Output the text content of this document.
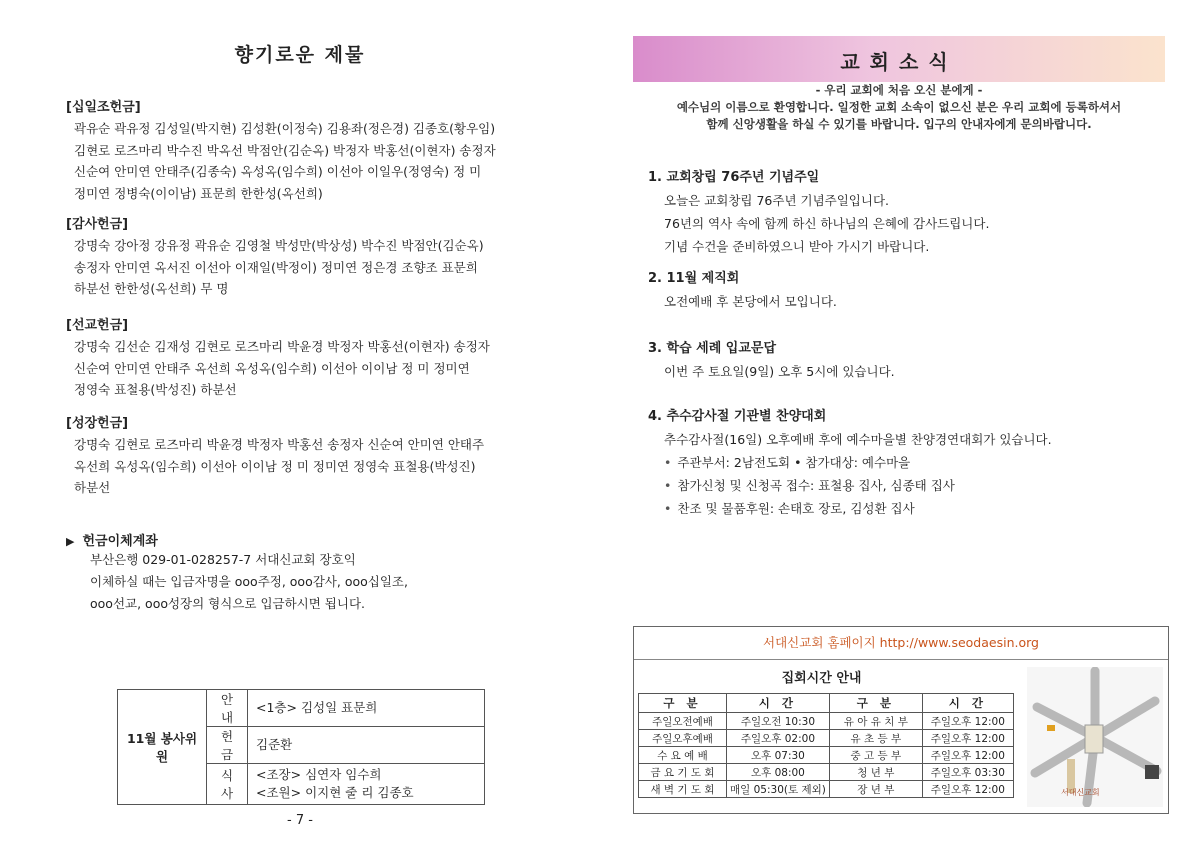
향기로운 제물
[십일조헌금]
곽유순 곽유정 김성일(박지현) 김성환(이정숙) 김용좌(정은경) 김종호(황우임)
김현로 로즈마리 박수진 박옥선 박점안(김순옥) 박정자 박홍선(이현자) 송정자
신순여 안미연 안태주(김종숙) 옥성옥(임수희) 이선아 이일우(정영숙) 정 미
정미연 정병숙(이이남) 표문희 한한성(옥선희)
[감사헌금]
강명숙 강아정 강유정 곽유순 김영철 박성만(박상성) 박수진 박점안(김순옥)
송정자 안미연 옥서진 이선아 이재일(박정이) 정미연 정은경 조향조 표문희
하분선 한한성(옥선희) 무 명
[선교헌금]
강명숙 김선순 김재성 김현로 로즈마리 박윤경 박정자 박홍선(이현자) 송정자
신순여 안미연 안태주 옥선희 옥성옥(임수희) 이선아 이이남 정 미 정미연
정영숙 표철용(박성진) 하분선
[성장헌금]
강명숙 김현로 로즈마리 박윤경 박정자 박홍선 송정자 신순여 안미연 안태주
옥선희 옥성옥(임수희) 이선아 이이남 정 미 정미연 정영숙 표철용(박성진)
하분선
▶ 헌금이체계좌
부산은행 029-01-028257-7 서대신교회 장호익
이체하실 때는 입금자명을 ooo주정, ooo감사, ooo십일조,
ooo선교, ooo성장의 형식으로 입금하시면 됩니다.
11월 봉사위원	안내	<1층> 김성일 표문희
	헌금	김준환
	식사	<조장> 심연자 임수희
<조원> 이지현 줄 리 김종호
- 7 -
교회소식
- 우리 교회에 처음 오신 분에게 -
예수님의 이름으로 환영합니다. 일정한 교회 소속이 없으신 분은 우리 교회에 등록하셔서
함께 신앙생활을 하실 수 있기를 바랍니다. 입구의 안내자에게 문의바랍니다.
1. 교회창립 76주년 기념주일
오늘은 교회창립 76주년 기념주일입니다.
76년의 역사 속에 함께 하신 하나님의 은혜에 감사드립니다.
기념 수건을 준비하였으니 받아 가시기 바랍니다.
2. 11월 제직회
오전예배 후 본당에서 모입니다.
3. 학습 세례 입교문답
이번 주 토요일(9일) 오후 5시에 있습니다.
4. 추수감사절 기관별 찬양대회
추수감사절(16일) 오후예배 후에 예수마을별 찬양경연대회가 있습니다.
• 주관부서: 2남전도회 • 참가대상: 예수마을
• 참가신청 및 신청곡 접수: 표철용 집사, 심종태 집사
• 찬조 및 물품후원: 손태호 장로, 김성환 집사
서대신교회 홈페이지 http://www.seodaesin.org
집회시간 안내
구 분	시 간	구 분	시 간
주일오전예배	주일오전 10:30	유 아 유 치 부	주일오후 12:00
주일오후예배	주일오후 02:00	유 초 등 부	주일오후 12:00
수 요 예 배	오후 07:30	중 고 등 부	주일오후 12:00
금 요 기 도 회	오후 08:00	청 년 부	주일오후 03:30
새 벽 기 도 회	매일 05:30(토 제외)	장 년 부	주일오후 12:00	서대신교회
